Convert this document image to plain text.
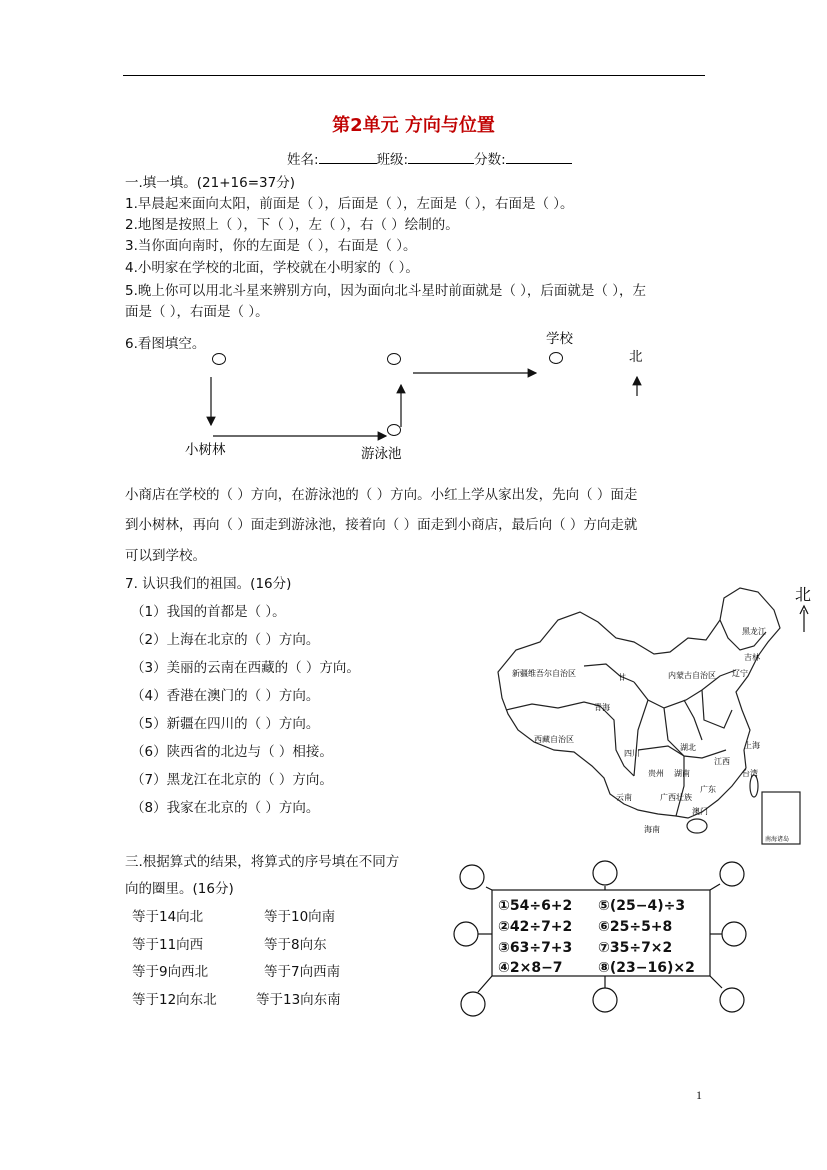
第2单元 方向与位置
姓名:	班级:	分数:
一.填一填。(21+16=37分)
1.早晨起来面向太阳，前面是（ ），后面是（ ），左面是（ ），右面是（ ）。
2.地图是按照上（ ），下（ ），左（ ），右（ ）绘制的。
3.当你面向南时，你的左面是（ ），右面是（ ）。
4.小明家在学校的北面，学校就在小明家的（ ）。
5.晚上你可以用北斗星来辨别方向，因为面向北斗星时前面就是（ ），后面就是（ ），左
面是（ ），右面是（ ）。
6.看图填空。	学校
北
小树林	游泳池
小商店在学校的（ ）方向，在游泳池的（ ）方向。小红上学从家出发，先向（ ）面走
到小树林，再向（ ）面走到游泳池，接着向（ ）面走到小商店，最后向（ ）方向走就
可以到学校。
7. 认识我们的祖国。(16分)
（1）我国的首都是（ ）。
（2）上海在北京的（ ）方向。
（3）美丽的云南在西藏的（ ）方向。
（4）香港在澳门的（ ）方向。
（5）新疆在四川的（ ）方向。
（6）陕西省的北边与（ ）相接。
（7）黑龙江在北京的（ ）方向。
（8）我家在北京的（ ）方向。
北
新疆维吾尔自治区
西藏自治区
青海
甘	内蒙古自治区
黑龙江
吉林
辽宁
四川
云南	广西壮族
湖南
湖北
江西
上海
台湾
海南
澳门
贵州
广东
南海诸岛
三.根据算式的结果，将算式的序号填在不同方
向的圈里。(16分)
等于14向北	等于10向南
等于11向西	等于8向东
等于9向西北	等于7向西南
等于12向东北	等于13向东南
①54÷6+2 ⑤(25−4)÷3
②42÷7+2 ⑥25÷5+8
③63÷7+3 ⑦35÷7×2
④2×8−7	⑧(23−16)×2
1
